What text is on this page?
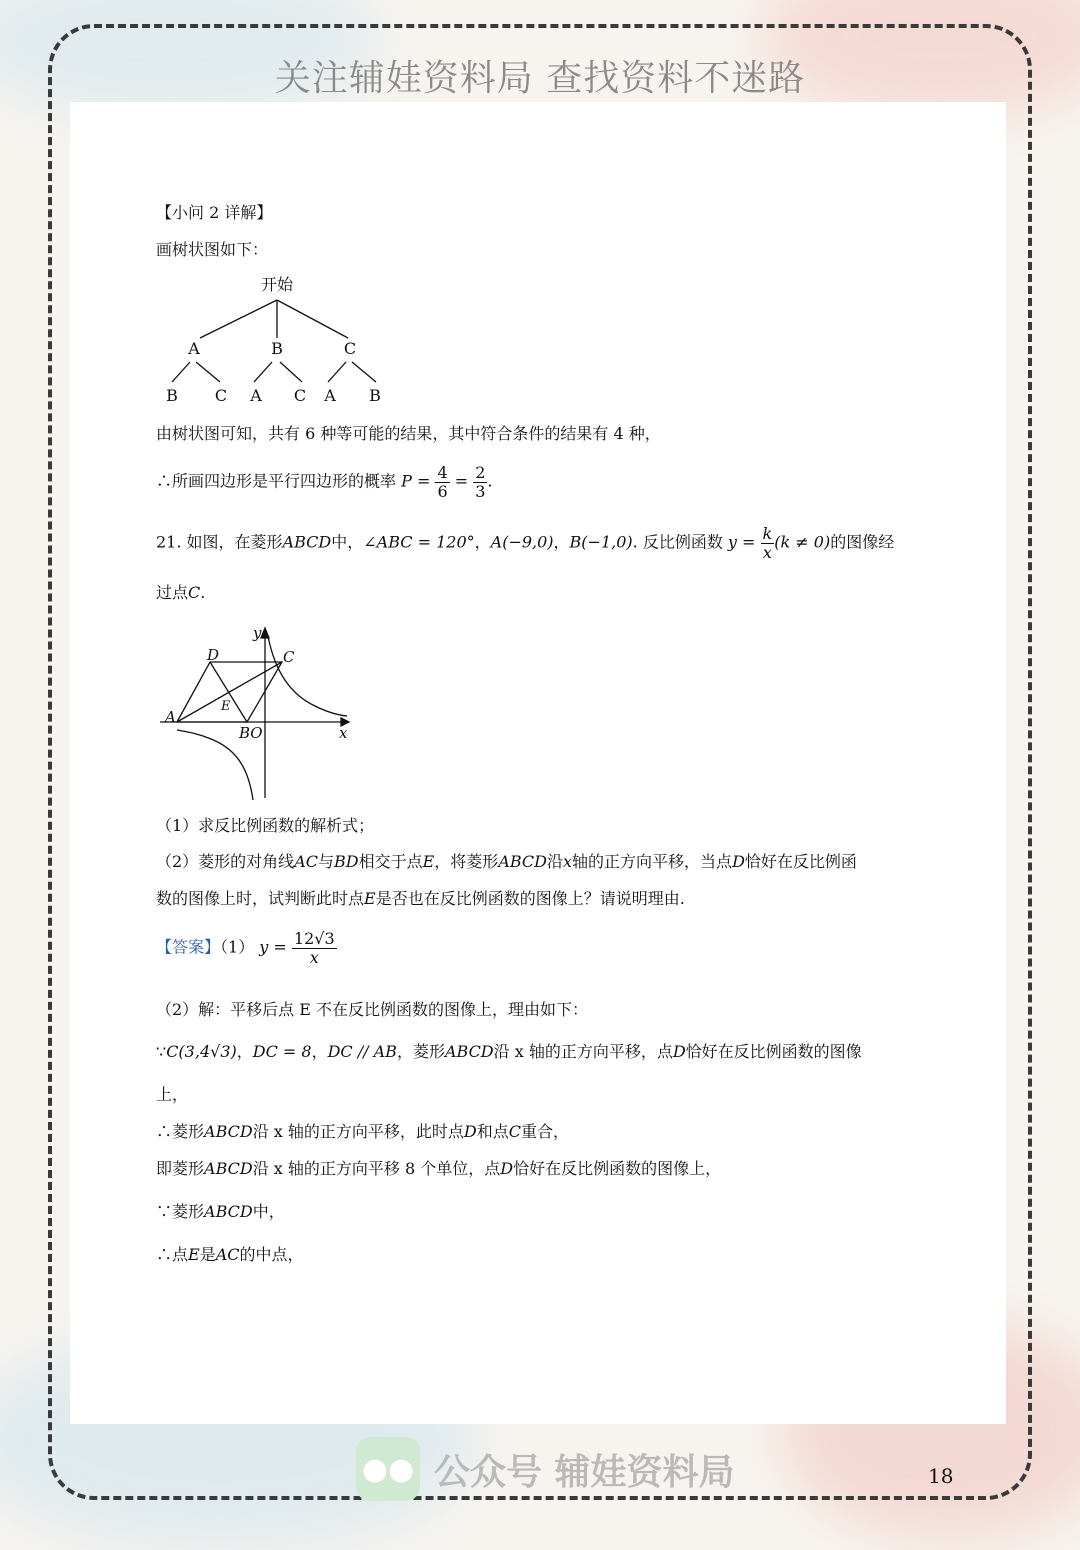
关注辅娃资料局 查找资料不迷路
【小问 2 详解】
画树状图如下：
开始
A	B	C
B C A C A B
由树状图可知，共有 6 种等可能的结果，其中符合条件的结果有 4 种，
∴所画四边形是平行四边形的概率 $P = \frac{4}{6} = \frac{2}{3}$ .
21. 如图，在菱形ABCD中，∠ABC = 120°，A(−9,0)，B(−1,0). 反比例函数 $y = \frac{k}{x} (k \ne 0)$的图像经
过点C.
y
x
D	C
A
E
BO
（1）求反比例函数的解析式；
（2）菱形的对角线AC与BD相交于点E，将菱形ABCD沿x轴的正方向平移，当点D恰好在反比例函
数的图像上时，试判断此时点E是否也在反比例函数的图像上？请说明理由.
【答案】（1） $y = \frac{12√3}{x}$
（2）解：平移后点 E 不在反比例函数的图像上，理由如下：
∵C(3,4√3)，DC = 8，DC // AB，菱形ABCD沿 x 轴的正方向平移，点D恰好在反比例函数的图像
上，
∴菱形ABCD沿 x 轴的正方向平移，此时点D和点C重合，
即菱形ABCD沿 x 轴的正方向平移 8 个单位，点D恰好在反比例函数的图像上，
∵菱形ABCD中，
∴点E是AC的中点，
●● 公众号 辅娃资料局	18
